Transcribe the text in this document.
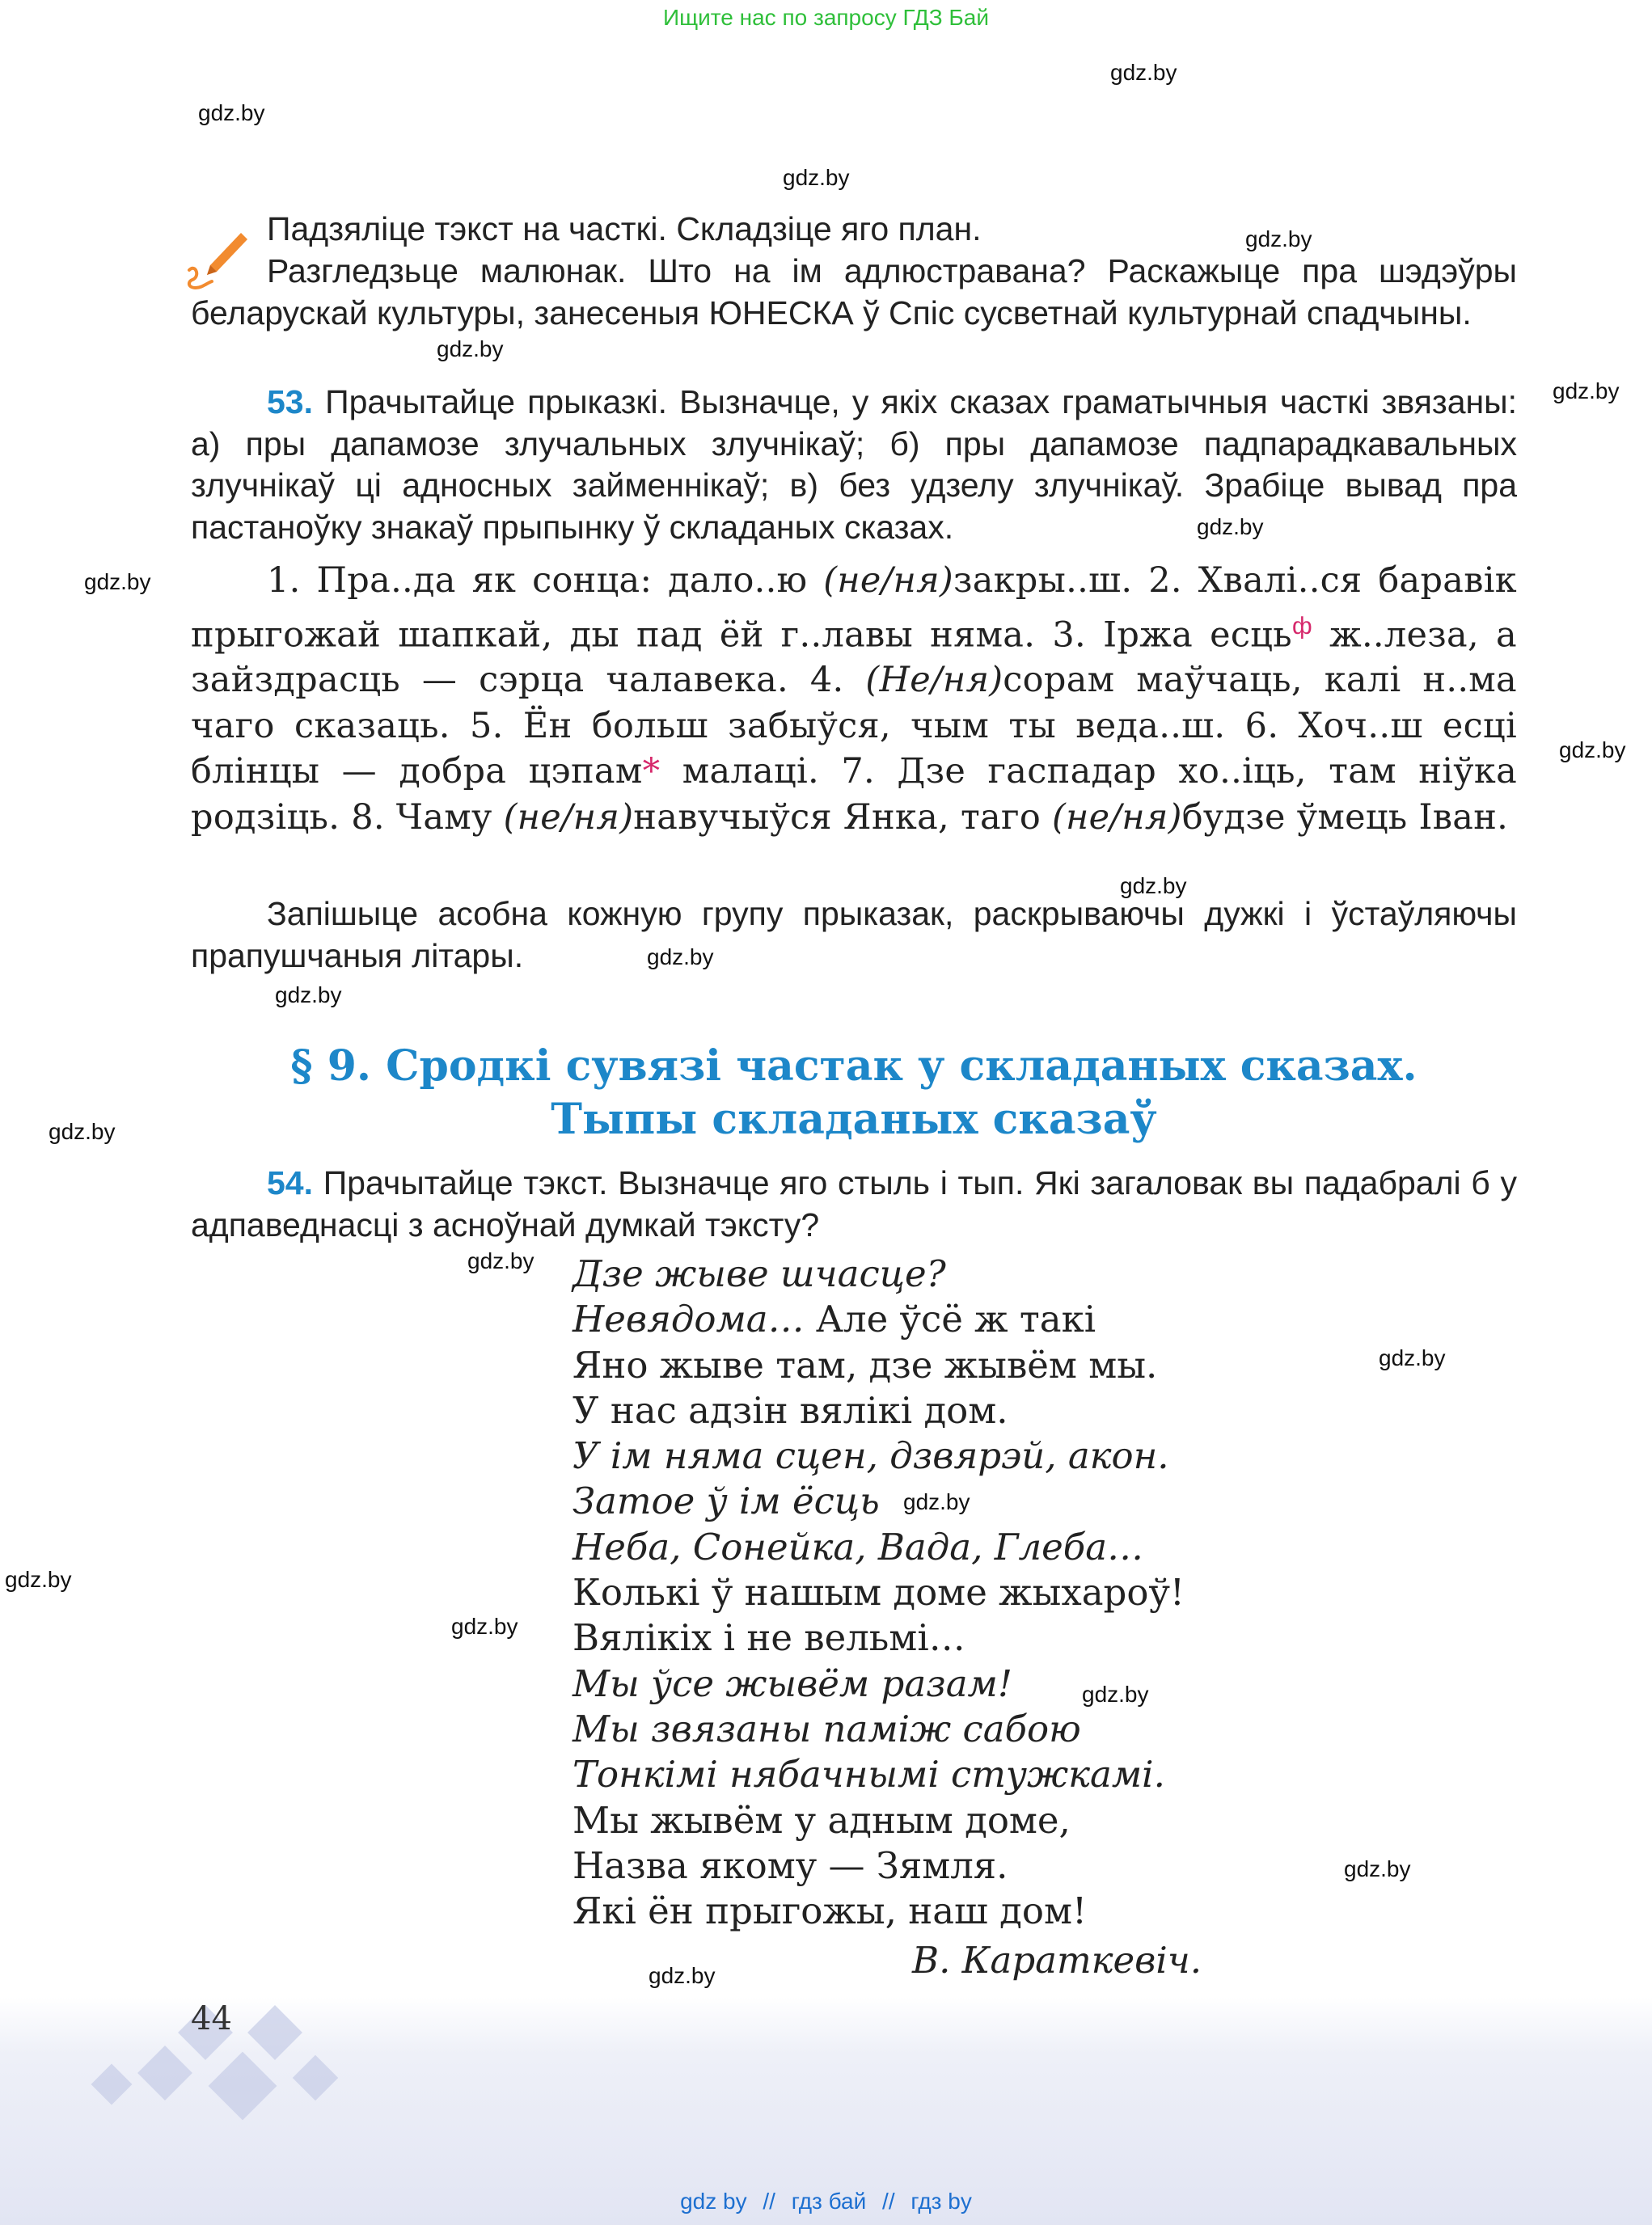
Ищите нас по запросу ГДЗ Бай
gdz.by
gdz.by
gdz.by
gdz.by
gdz.by
gdz.by
gdz.by
gdz.by
gdz.by
gdz.by
gdz.by
gdz.by
gdz.by
gdz.by
gdz.by
gdz.by
gdz.by
gdz.by
gdz.by
gdz.by
gdz.by
Падзяліце тэкст на часткі. Складзіце яго план.
Разгледзьце малюнак. Што на ім адлюстравана? Раскажыце пра шэдэўры беларускай культуры, занесеныя ЮНЕСКА ў Спіс сусветнай культурнай спадчыны.
53. Прачытайце прыказкі. Вызначце, у якіх сказах граматычныя часткі звязаны: а) пры дапамозе злучальных злучнікаў; б) пры дапамозе падпарадкавальных злучнікаў ці адносных займеннікаў; в) без удзелу злучнікаў. Зрабіце вывад пра пастаноўку знакаў прыпынку ў складаных сказах.
1. Пра..да як сонца: дало..ю (не/ня)закры..ш. 2. Хвалі..ся баравік прыгожай шапкай, ды пад ёй г..лавы няма. 3. Іржа есць$^ф$ ж..леза, а зайздрасць — сэрца чалавека. 4. (Не/ня)сорам маўчаць, калі н..ма чаго сказаць. 5. Ён больш забыўся, чым ты веда..ш. 6. Хоч..ш есці блінцы — добра цэпам* малаці. 7. Дзе гаспадар хо..іць, там ніўка родзіць. 8. Чаму (не/ня)навучыўся Янка, таго (не/ня)будзе ўмець Іван.
Запішыце асобна кожную групу прыказак, раскрываючы дужкі і ўстаўляючы прапушчаныя літары.
§ 9. Сродкі сувязі частак у складаных сказах.
Тыпы складаных сказаў
54. Прачытайце тэкст. Вызначце яго стыль і тып. Які загаловак вы падабралі б у адпаведнасці з асноўнай думкай тэксту?
Дзе жыве шчасце?
Невядома… Але ўсё ж такі
Яно жыве там, дзе жывём мы.
У нас адзін вялікі дом.
У ім няма сцен, дзвярэй, акон.
Затое ў ім ёсць
Неба, Сонейка, Вада, Глеба…
Колькі ў нашым доме жыхароў!
Вялікіх і не вельмі…
Мы ўсе жывём разам!
Мы звязаны паміж сабою
Тонкімі нябачнымі стужкамі.
Мы жывём у адным доме,
Назва якому — Зямля.
Які ён прыгожы, наш дом!
В. Караткевіч.
44
gdz by // гдз бай // гдз by
